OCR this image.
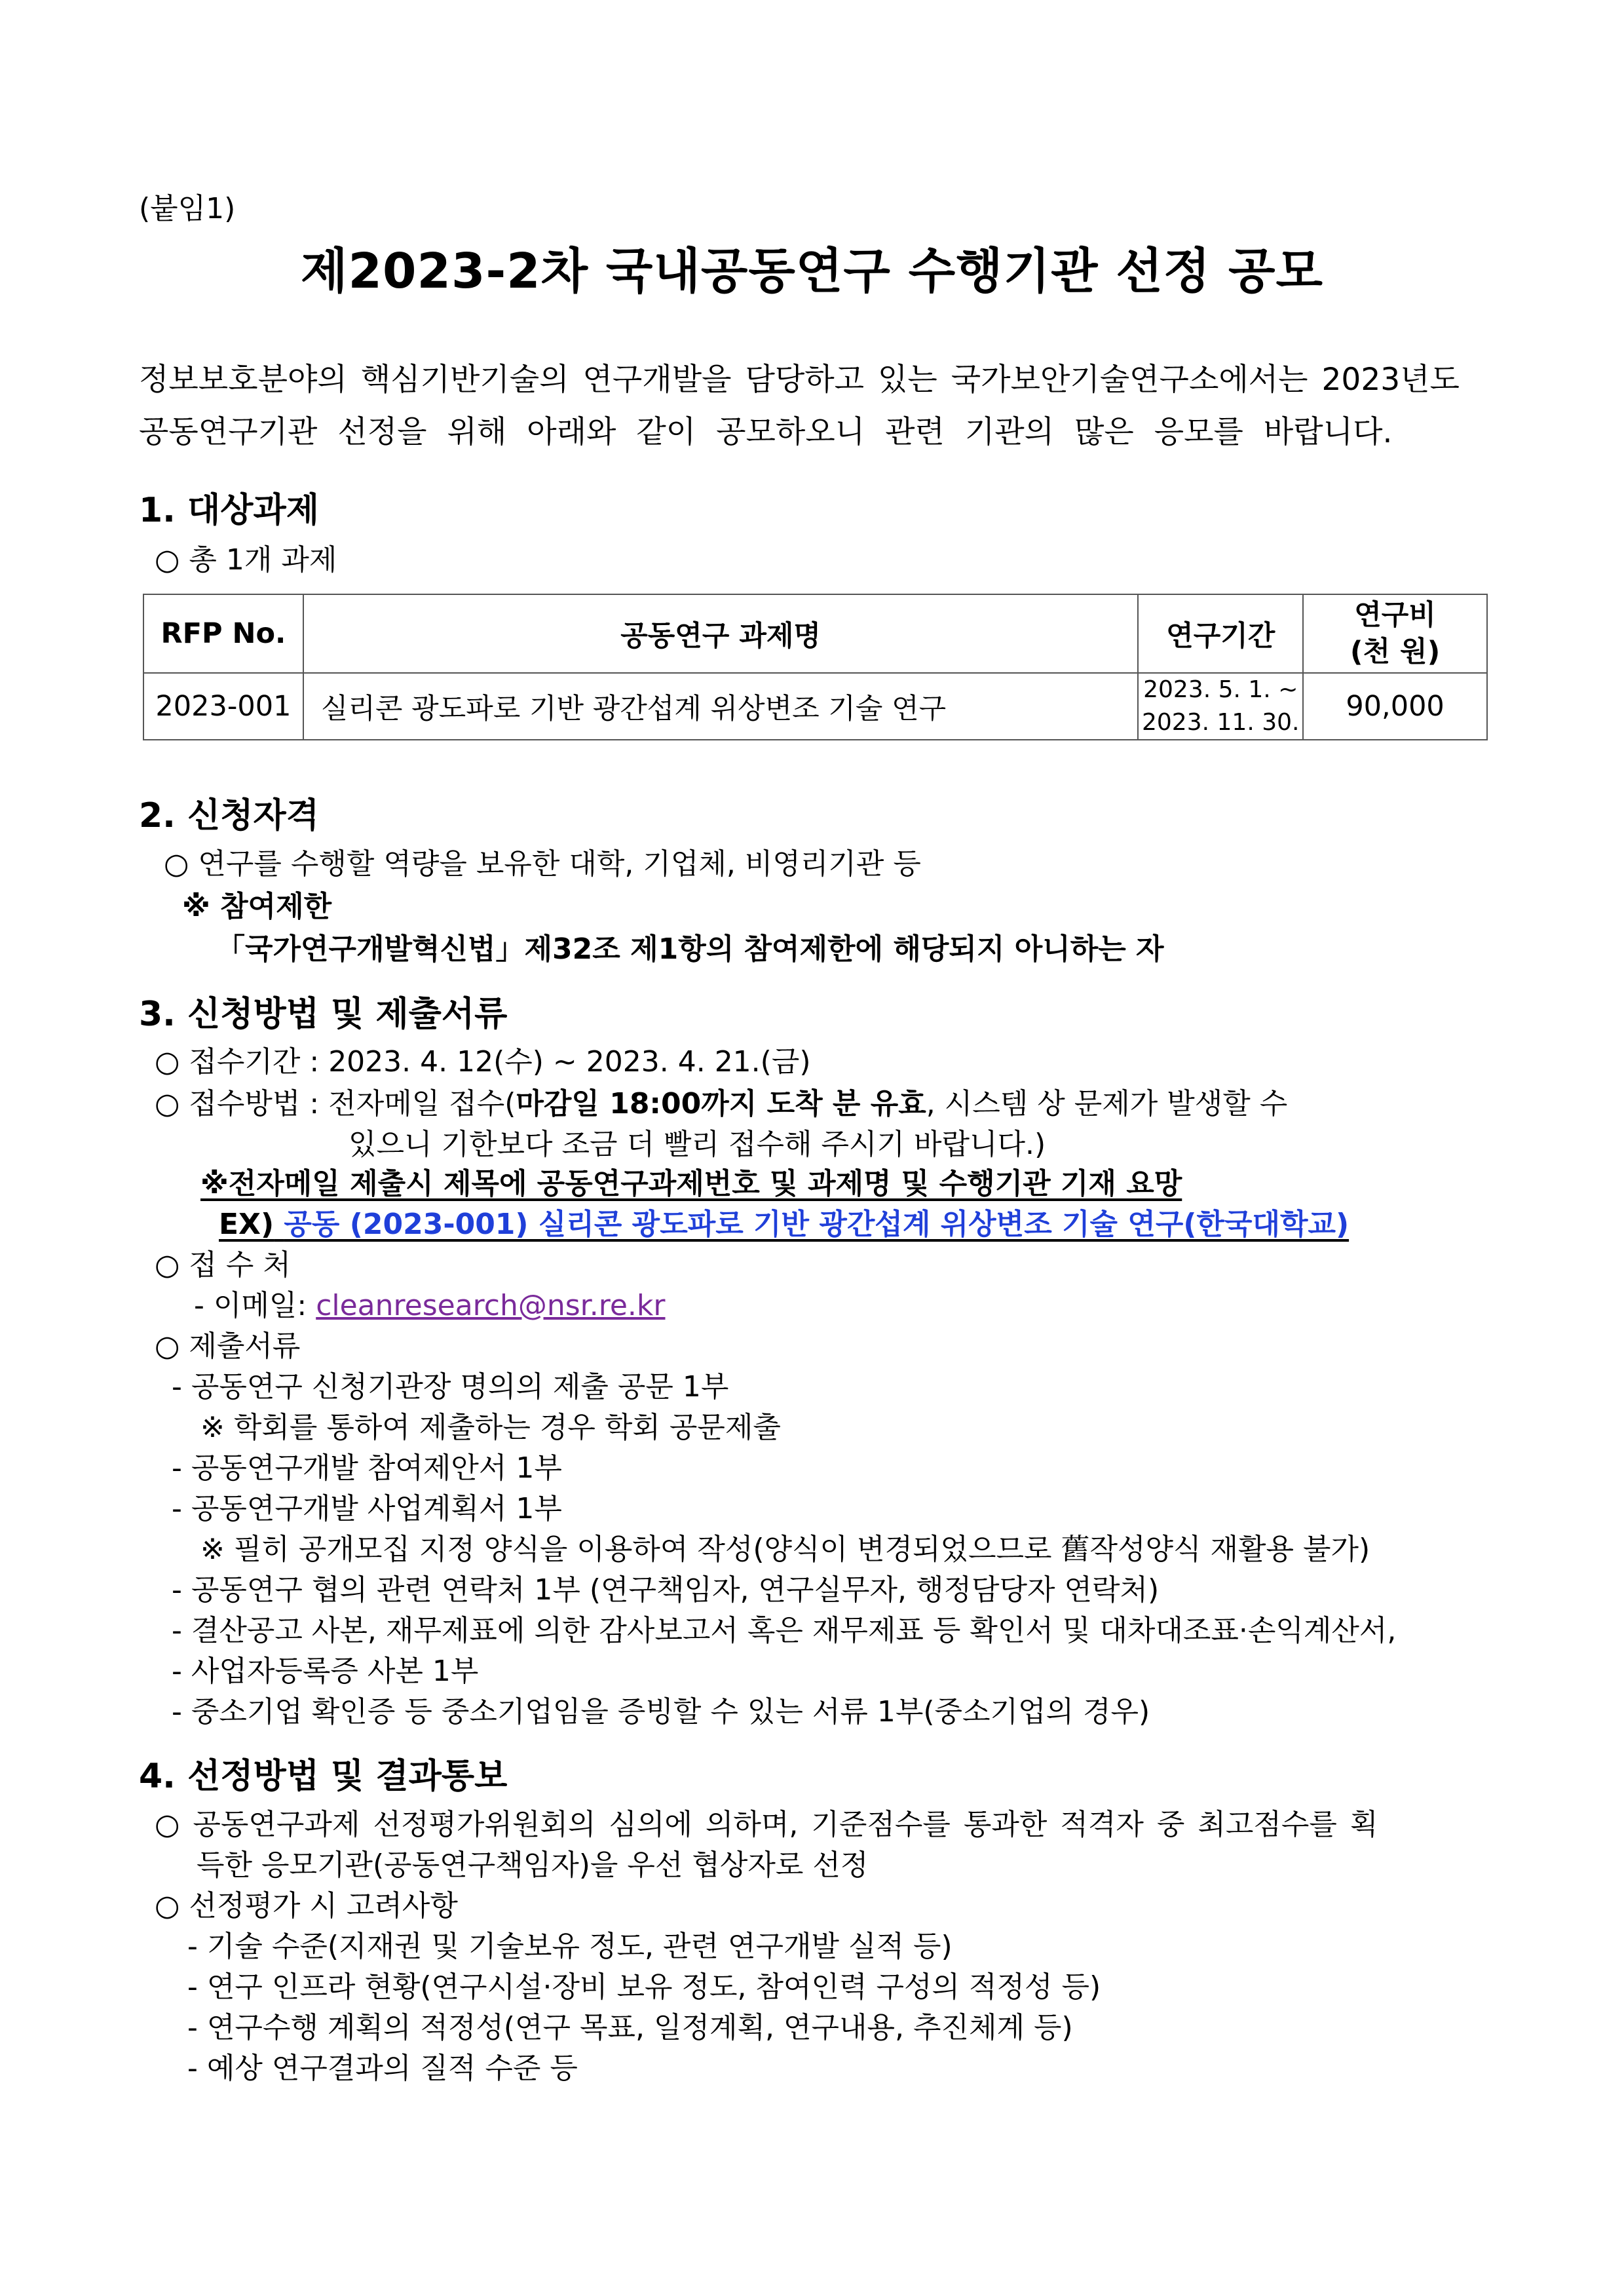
(붙임1)
제2023-2차 국내공동연구 수행기관 선정 공모
정보보호분야의 핵심기반기술의 연구개발을 담당하고 있는 국가보안기술연구소에서는 2023년도
공동연구기관 선정을 위해 아래와 같이 공모하오니 관련 기관의 많은 응모를 바랍니다.
1. 대상과제
○ 총 1개 과제
RFP No.	공동연구 과제명	연구기간	연구비
(천 원)

2023-001	실리콘 광도파로 기반 광간섭계 위상변조 기술 연구	2023. 5. 1. ~
2023. 11. 30.	90,000
2. 신청자격
○ 연구를 수행할 역량을 보유한 대학, 기업체, 비영리기관 등
※ 참여제한
「국가연구개발혁신법」제32조 제1항의 참여제한에 해당되지 아니하는 자
3. 신청방법 및 제출서류
○ 접수기간 : 2023. 4. 12(수) ~ 2023. 4. 21.(금)
○ 접수방법 : 전자메일 접수(마감일 18:00까지 도착 분 유효, 시스템 상 문제가 발생할 수
있으니 기한보다 조금 더 빨리 접수해 주시기 바랍니다.)
※전자메일 제출시 제목에 공동연구과제번호 및 과제명 및 수행기관 기재 요망
EX) 공동 (2023-001) 실리콘 광도파로 기반 광간섭계 위상변조 기술 연구(한국대학교)
○ 접 수 처
- 이메일: cleanresearch@nsr.re.kr
○ 제출서류
- 공동연구 신청기관장 명의의 제출 공문 1부
※ 학회를 통하여 제출하는 경우 학회 공문제출
- 공동연구개발 참여제안서 1부
- 공동연구개발 사업계획서 1부
※ 필히 공개모집 지정 양식을 이용하여 작성(양식이 변경되었으므로 舊작성양식 재활용 불가)
- 공동연구 협의 관련 연락처 1부 (연구책임자, 연구실무자, 행정담당자 연락처)
- 결산공고 사본, 재무제표에 의한 감사보고서 혹은 재무제표 등 확인서 및 대차대조표·손익계산서,
- 사업자등록증 사본 1부
- 중소기업 확인증 등 중소기업임을 증빙할 수 있는 서류 1부(중소기업의 경우)
4. 선정방법 및 결과통보
○ 공동연구과제 선정평가위원회의 심의에 의하며, 기준점수를 통과한 적격자 중 최고점수를 획
득한 응모기관(공동연구책임자)을 우선 협상자로 선정
○ 선정평가 시 고려사항
- 기술 수준(지재권 및 기술보유 정도, 관련 연구개발 실적 등)
- 연구 인프라 현황(연구시설·장비 보유 정도, 참여인력 구성의 적정성 등)
- 연구수행 계획의 적정성(연구 목표, 일정계획, 연구내용, 추진체계 등)
- 예상 연구결과의 질적 수준 등
